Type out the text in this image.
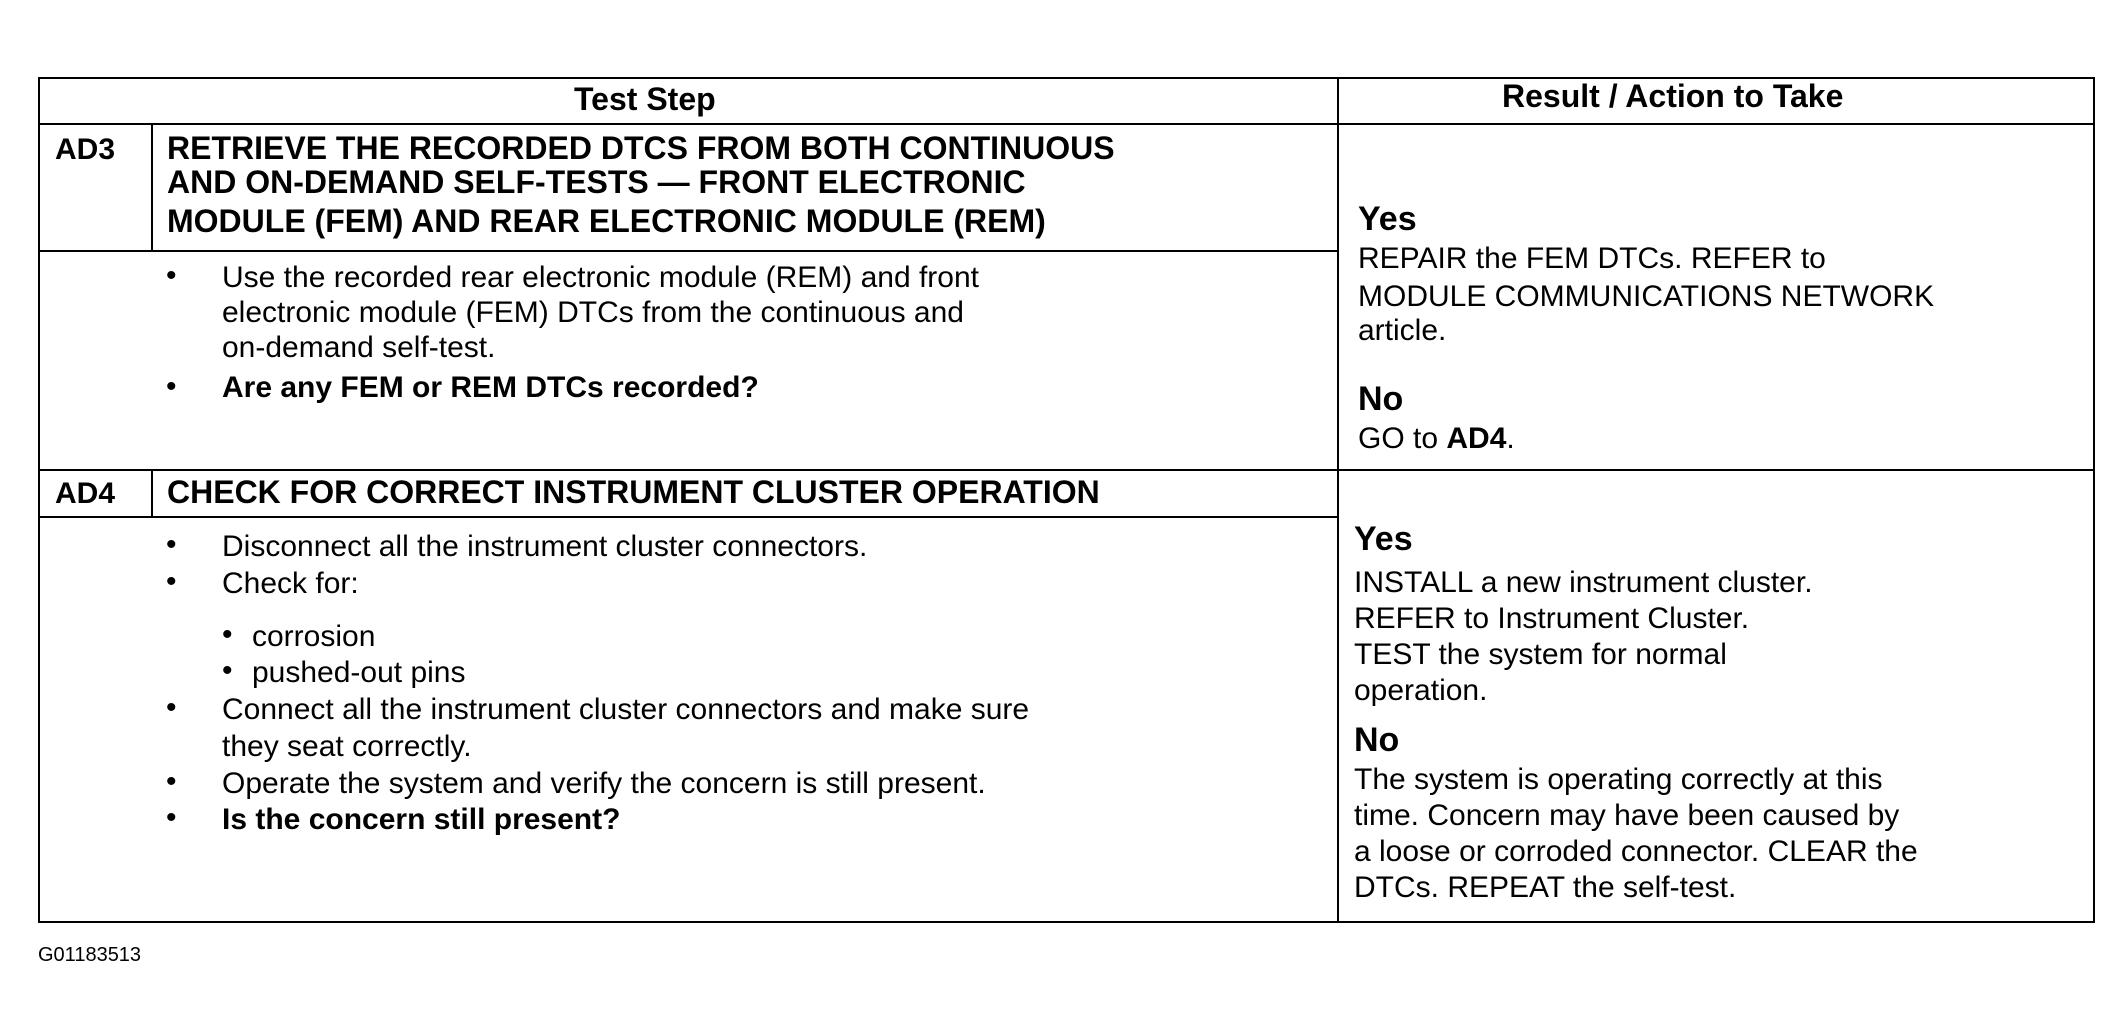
Test Step	Result / Action to Take
AD3 RETRIEVE THE RECORDED DTCS FROM BOTH CONTINUOUS
AND ON-DEMAND SELF-TESTS — FRONT ELECTRONIC
MODULE (FEM) AND REAR ELECTRONIC MODULE (REM)
• Use the recorded rear electronic module (REM) and front
electronic module (FEM) DTCs from the continuous and
on-demand self-test.
• Are any FEM or REM DTCs recorded?
Yes
REPAIR the FEM DTCs. REFER to
MODULE COMMUNICATIONS NETWORK
article.
No
GO to AD4.
AD4 CHECK FOR CORRECT INSTRUMENT CLUSTER OPERATION
• Disconnect all the instrument cluster connectors.
• Check for:
• corrosion
• pushed-out pins
• Connect all the instrument cluster connectors and make sure
they seat correctly.
• Operate the system and verify the concern is still present.
• Is the concern still present?
Yes
INSTALL a new instrument cluster.
REFER to Instrument Cluster.
TEST the system for normal
operation.
No
The system is operating correctly at this
time. Concern may have been caused by
a loose or corroded connector. CLEAR the
DTCs. REPEAT the self-test.
G01183513
